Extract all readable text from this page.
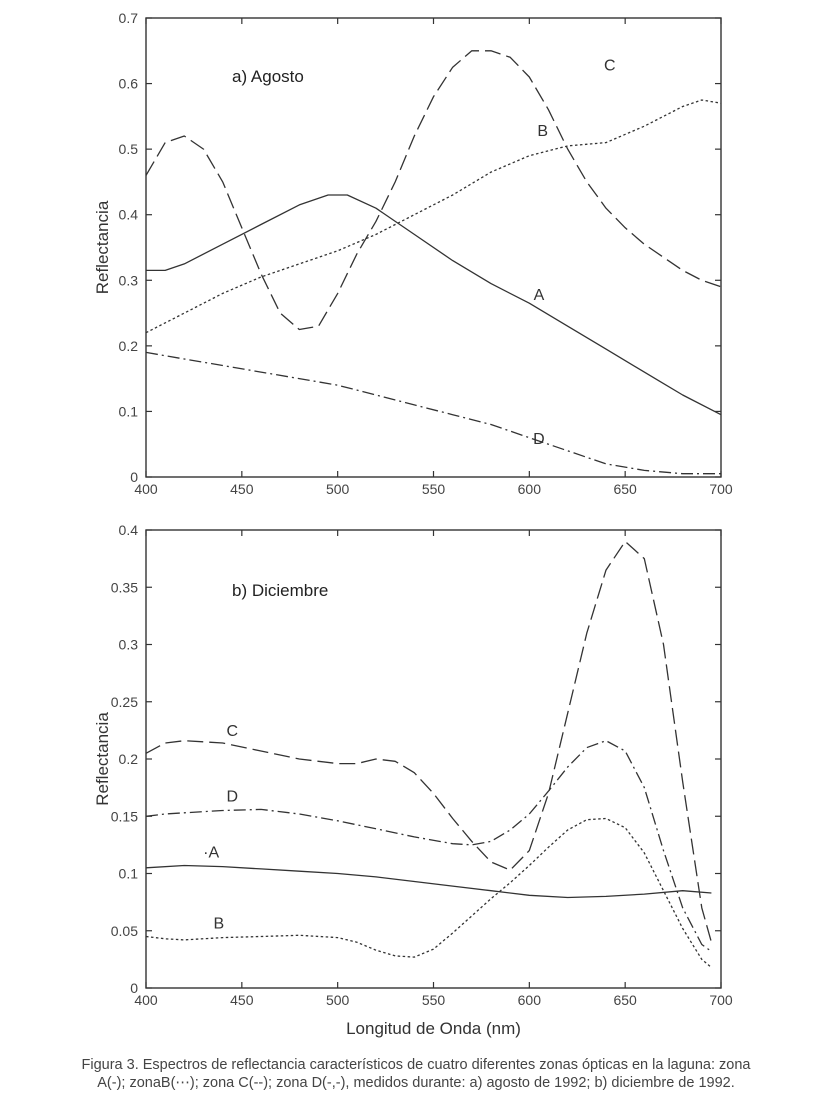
400	450	500	550	600	650	700
0
0.1
0.2
0.3
0.4
0.5
0.6
0.7
Reflectancia
a) Agosto
A
B
C
D
400	450	500	550	600	650	700
0
0.05
0.1
0.15
0.2
0.25
0.3
0.35
0.4
Reflectancia
Longitud de Onda (nm)
b) Diciembre
·A
B
C
D
Figura 3. Espectros de reflectancia característicos de cuatro diferentes zonas ópticas en la laguna: zona
A(-); zonaB(⋯); zona C(--); zona D(-,-), medidos durante: a) agosto de 1992; b) diciembre de 1992.
